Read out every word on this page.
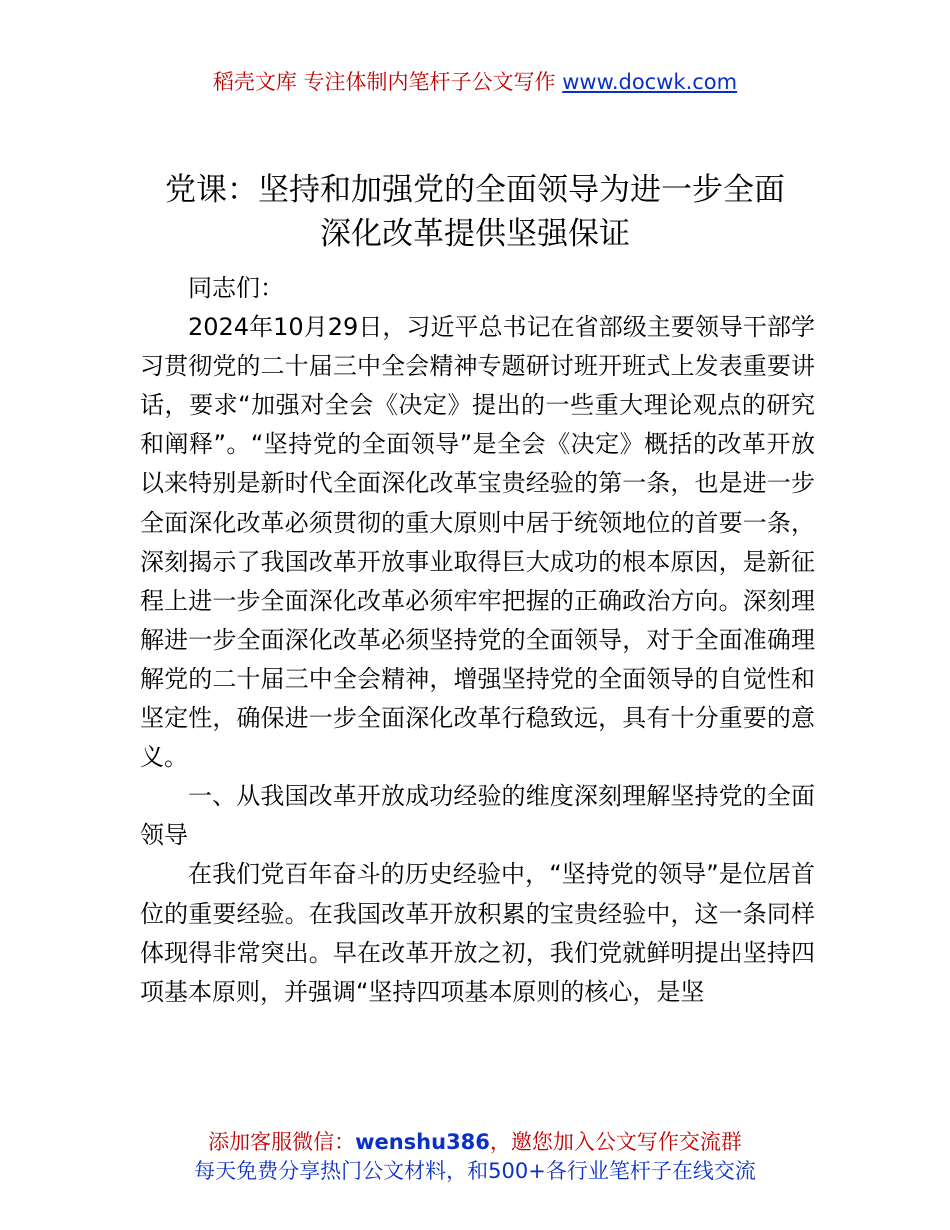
稻壳文库 专注体制内笔杆子公文写作 www.docwk.com
党课：坚持和加强党的全面领导为进一步全面
深化改革提供坚强保证

同志们：

2024年10月29日，习近平总书记在省部级主要领导干部学习贯彻党的二十届三中全会精神专题研讨班开班式上发表重要讲话，要求“加强对全会《决定》提出的一些重大理论观点的研究和阐释”。“坚持党的全面领导”是全会《决定》概括的改革开放以来特别是新时代全面深化改革宝贵经验的第一条，也是进一步全面深化改革必须贯彻的重大原则中居于统领地位的首要一条，深刻揭示了我国改革开放事业取得巨大成功的根本原因，是新征程上进一步全面深化改革必须牢牢把握的正确政治方向。深刻理解进一步全面深化改革必须坚持党的全面领导，对于全面准确理解党的二十届三中全会精神，增强坚持党的全面领导的自觉性和坚定性，确保进一步全面深化改革行稳致远，具有十分重要的意义。

一、从我国改革开放成功经验的维度深刻理解坚持党的全面领导

在我们党百年奋斗的历史经验中，“坚持党的领导”是位居首位的重要经验。在我国改革开放积累的宝贵经验中，这一条同样体现得非常突出。早在改革开放之初，我们党就鲜明提出坚持四项基本原则，并强调“坚持四项基本原则的核心，是坚

添加客服微信：wenshu386，邀您加入公文写作交流群
每天免费分享热门公文材料，和500+各行业笔杆子在线交流
